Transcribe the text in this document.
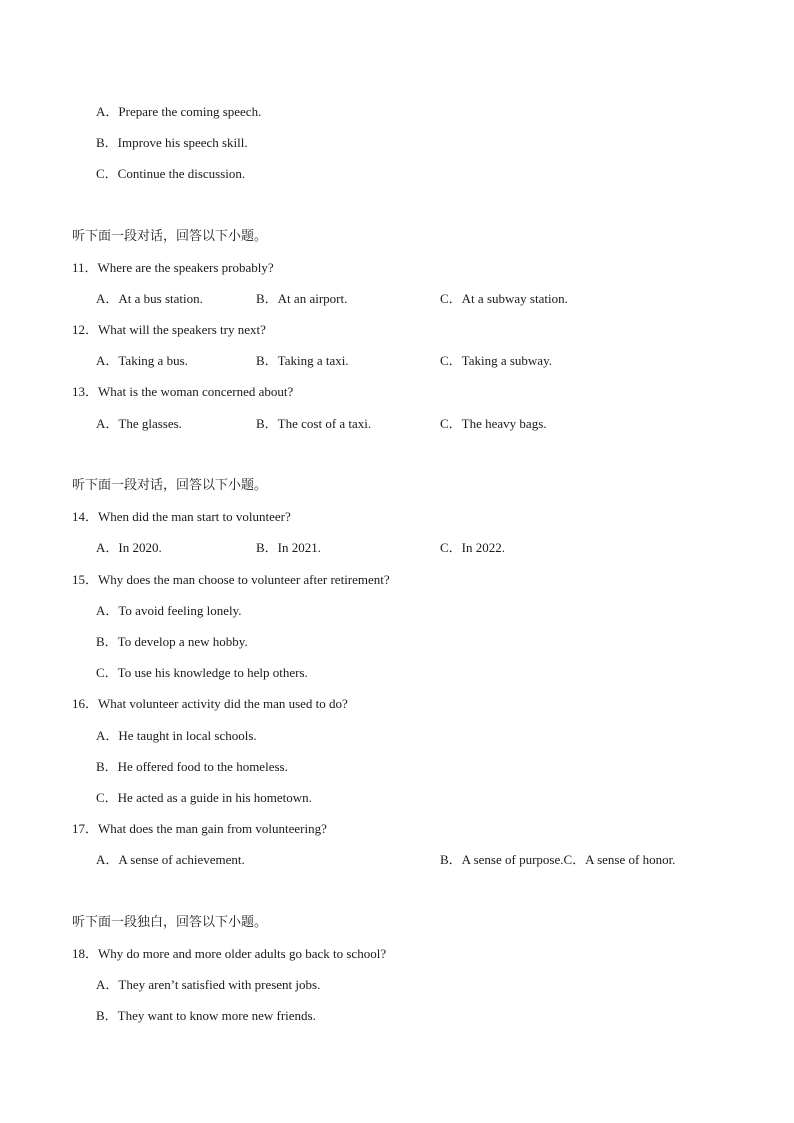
A．Prepare the coming speech.
B．Improve his speech skill.
C．Continue the discussion.
听下面一段对话，回答以下小题。
11．Where are the speakers probably?
A．At a bus station.	B．At an airport.	C．At a subway station.
12．What will the speakers try next?
A．Taking a bus.	B．Taking a taxi.	C．Taking a subway.
13．What is the woman concerned about?
A．The glasses.	B．The cost of a taxi.	C．The heavy bags.
听下面一段对话，回答以下小题。
14．When did the man start to volunteer?
A．In 2020.	B．In 2021.	C．In 2022.
15．Why does the man choose to volunteer after retirement?
A．To avoid feeling lonely.
B．To develop a new hobby.
C．To use his knowledge to help others.
16．What volunteer activity did the man used to do?
A．He taught in local schools.
B．He offered food to the homeless.
C．He acted as a guide in his hometown.
17．What does the man gain from volunteering?
A．A sense of achievement.	B．A sense of purpose.C．A sense of honor.
听下面一段独白，回答以下小题。
18．Why do more and more older adults go back to school?
A．They aren’t satisfied with present jobs.
B．They want to know more new friends.
